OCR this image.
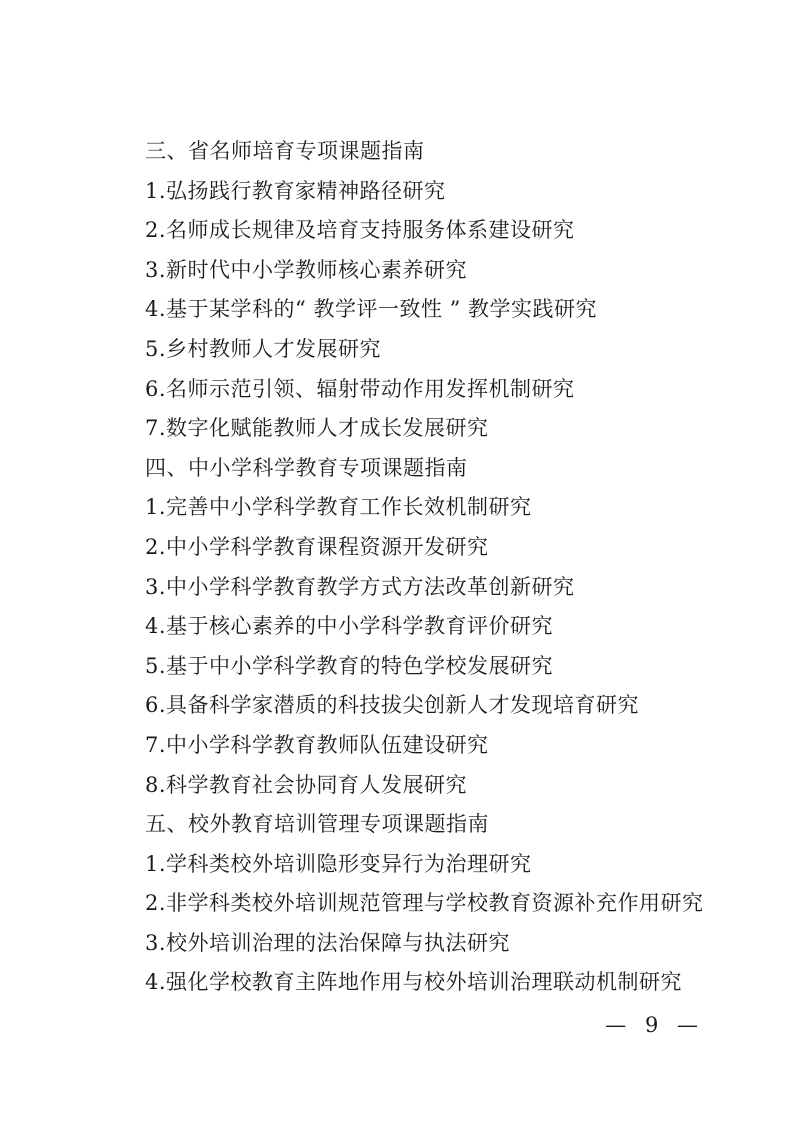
三、省名师培育专项课题指南
1. 弘扬践行教育家精神路径研究
2. 名师成长规律及培育支持服务体系建设研究
3. 新时代中小学教师核心素养研究
4. 基于某学科的“ 教学评一致性 ” 教学实践研究
5. 乡村教师人才发展研究
6. 名师示范引领、辐射带动作用发挥机制研究
7. 数字化赋能教师人才成长发展研究
四、中小学科学教育专项课题指南
1. 完善中小学科学教育工作长效机制研究
2. 中小学科学教育课程资源开发研究
3. 中小学科学教育教学方式方法改革创新研究
4. 基于核心素养的中小学科学教育评价研究
5. 基于中小学科学教育的特色学校发展研究
6. 具备科学家潜质的科技拔尖创新人才发现培育研究
7. 中小学科学教育教师队伍建设研究
8. 科学教育社会协同育人发展研究
五、校外教育培训管理专项课题指南
1. 学科类校外培训隐形变异行为治理研究
2. 非学科类校外培训规范管理与学校教育资源补充作用研究
3. 校外培训治理的法治保障与执法研究
4. 强化学校教育主阵地作用与校外培训治理联动机制研究
— 9 —
